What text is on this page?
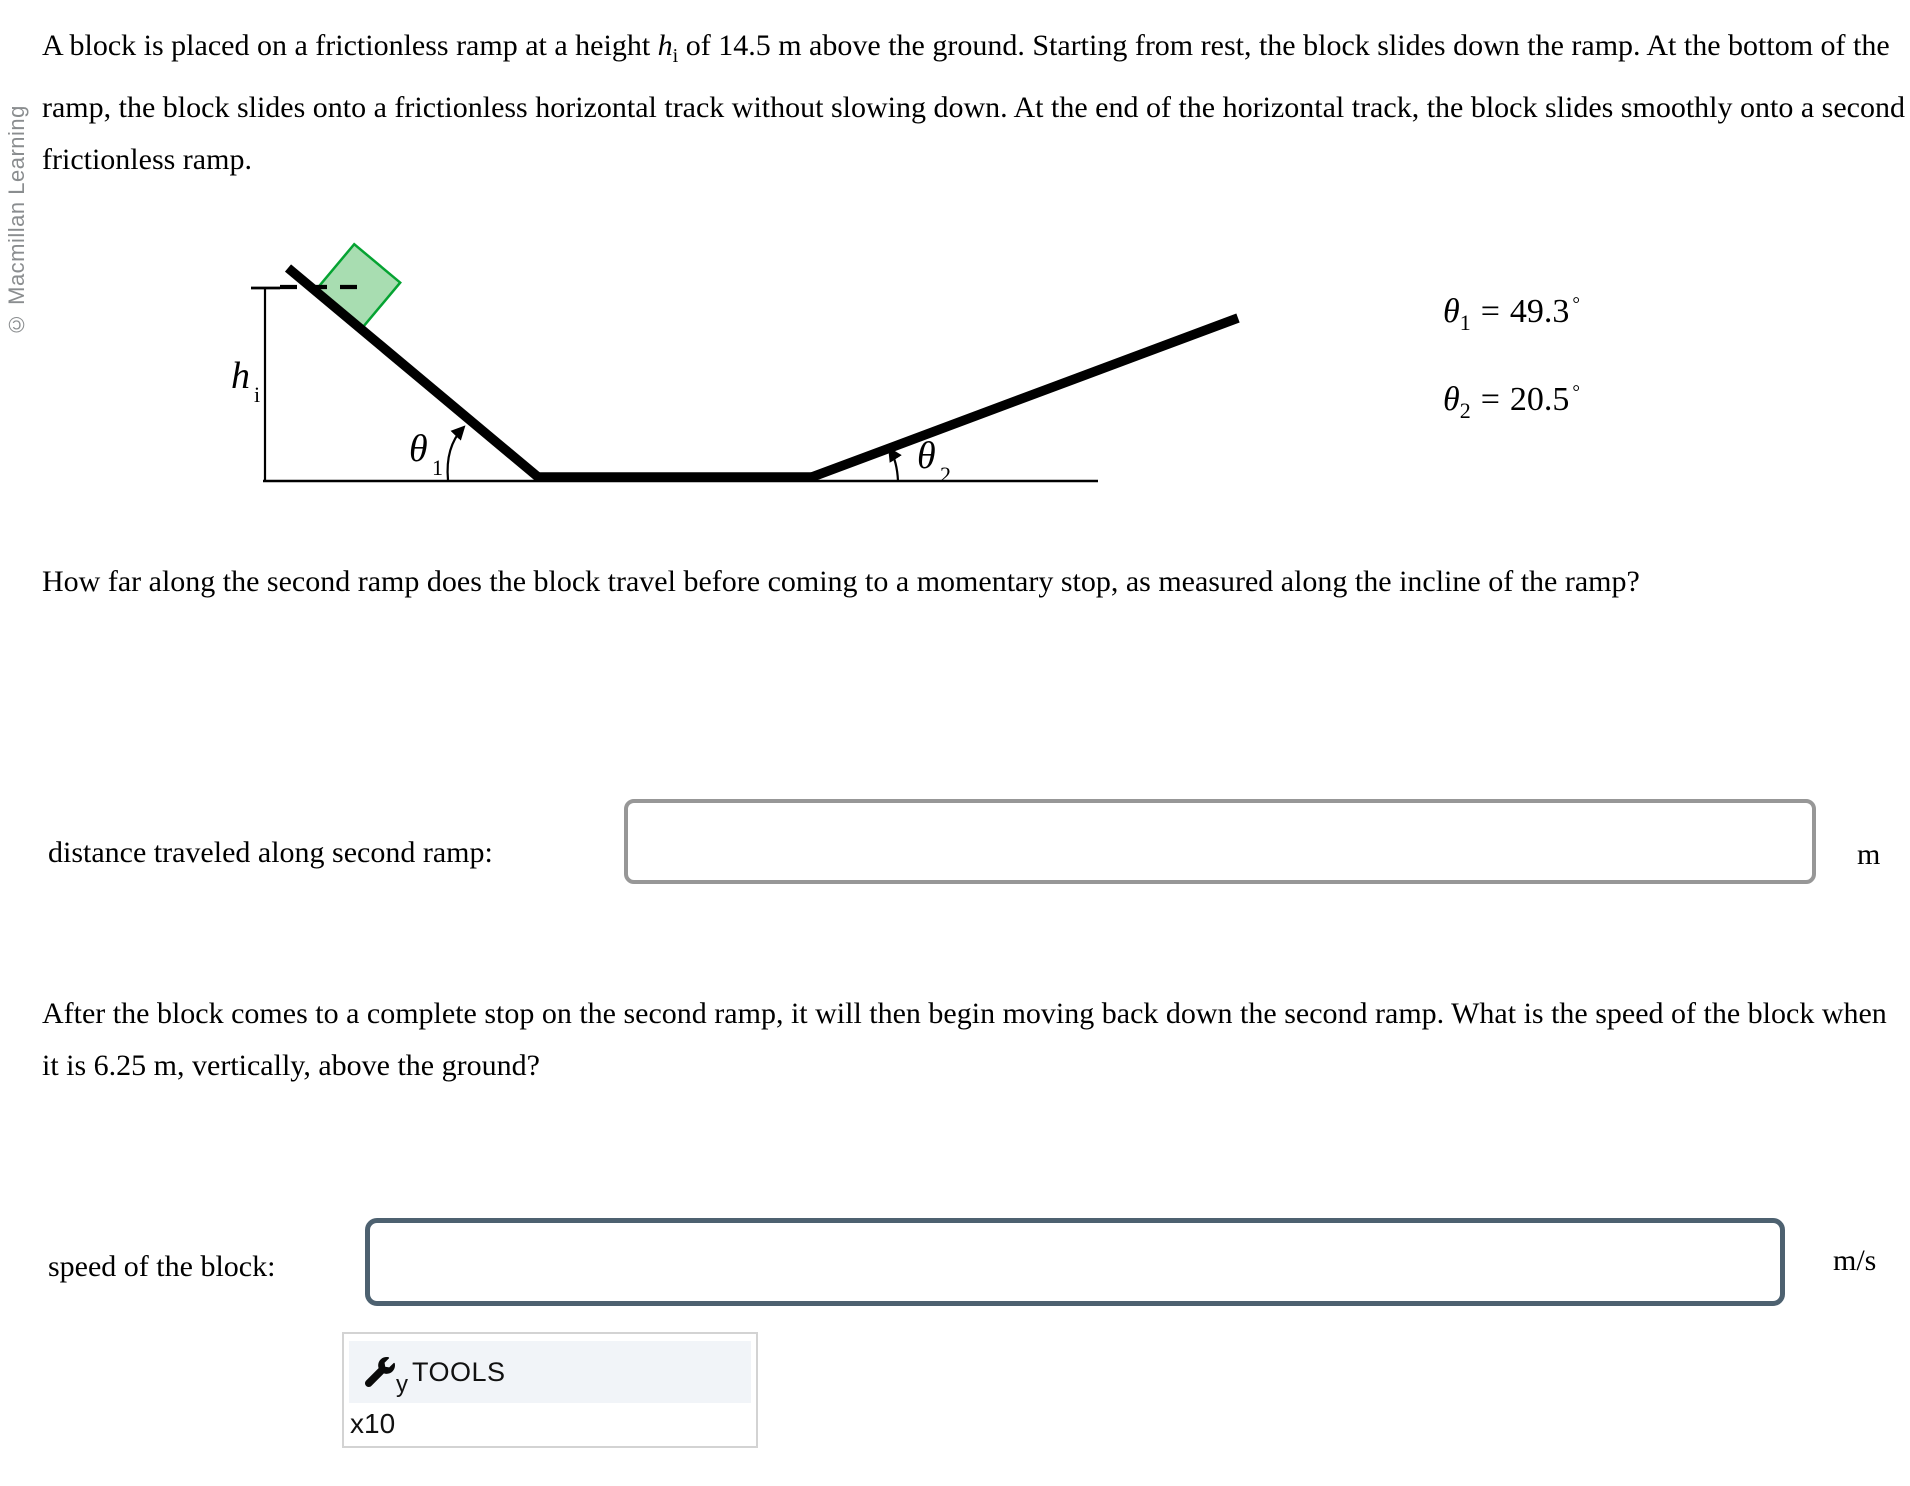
© Macmillan Learning

A block is placed on a frictionless ramp at a height $h_i$ of 14.5 m above the ground. Starting from rest, the block slides down the ramp. At the bottom of the ramp, the block slides onto a frictionless horizontal track without slowing down. At the end of the horizontal track, the block slides smoothly onto a second frictionless ramp.

h i
θ 1	θ 2
$\theta_1 = 49.3$ °
$\theta_2 = 20.5$ °

How far along the second ramp does the block travel before coming to a momentary stop, as measured along the incline of the ramp?

distance traveled along second ramp:	m

After the block comes to a complete stop on the second ramp, it will then begin moving back down the second ramp. What is the speed of the block when it is 6.25 m, vertically, above the ground?

speed of the block:	m/s
y TOOLS
x10
